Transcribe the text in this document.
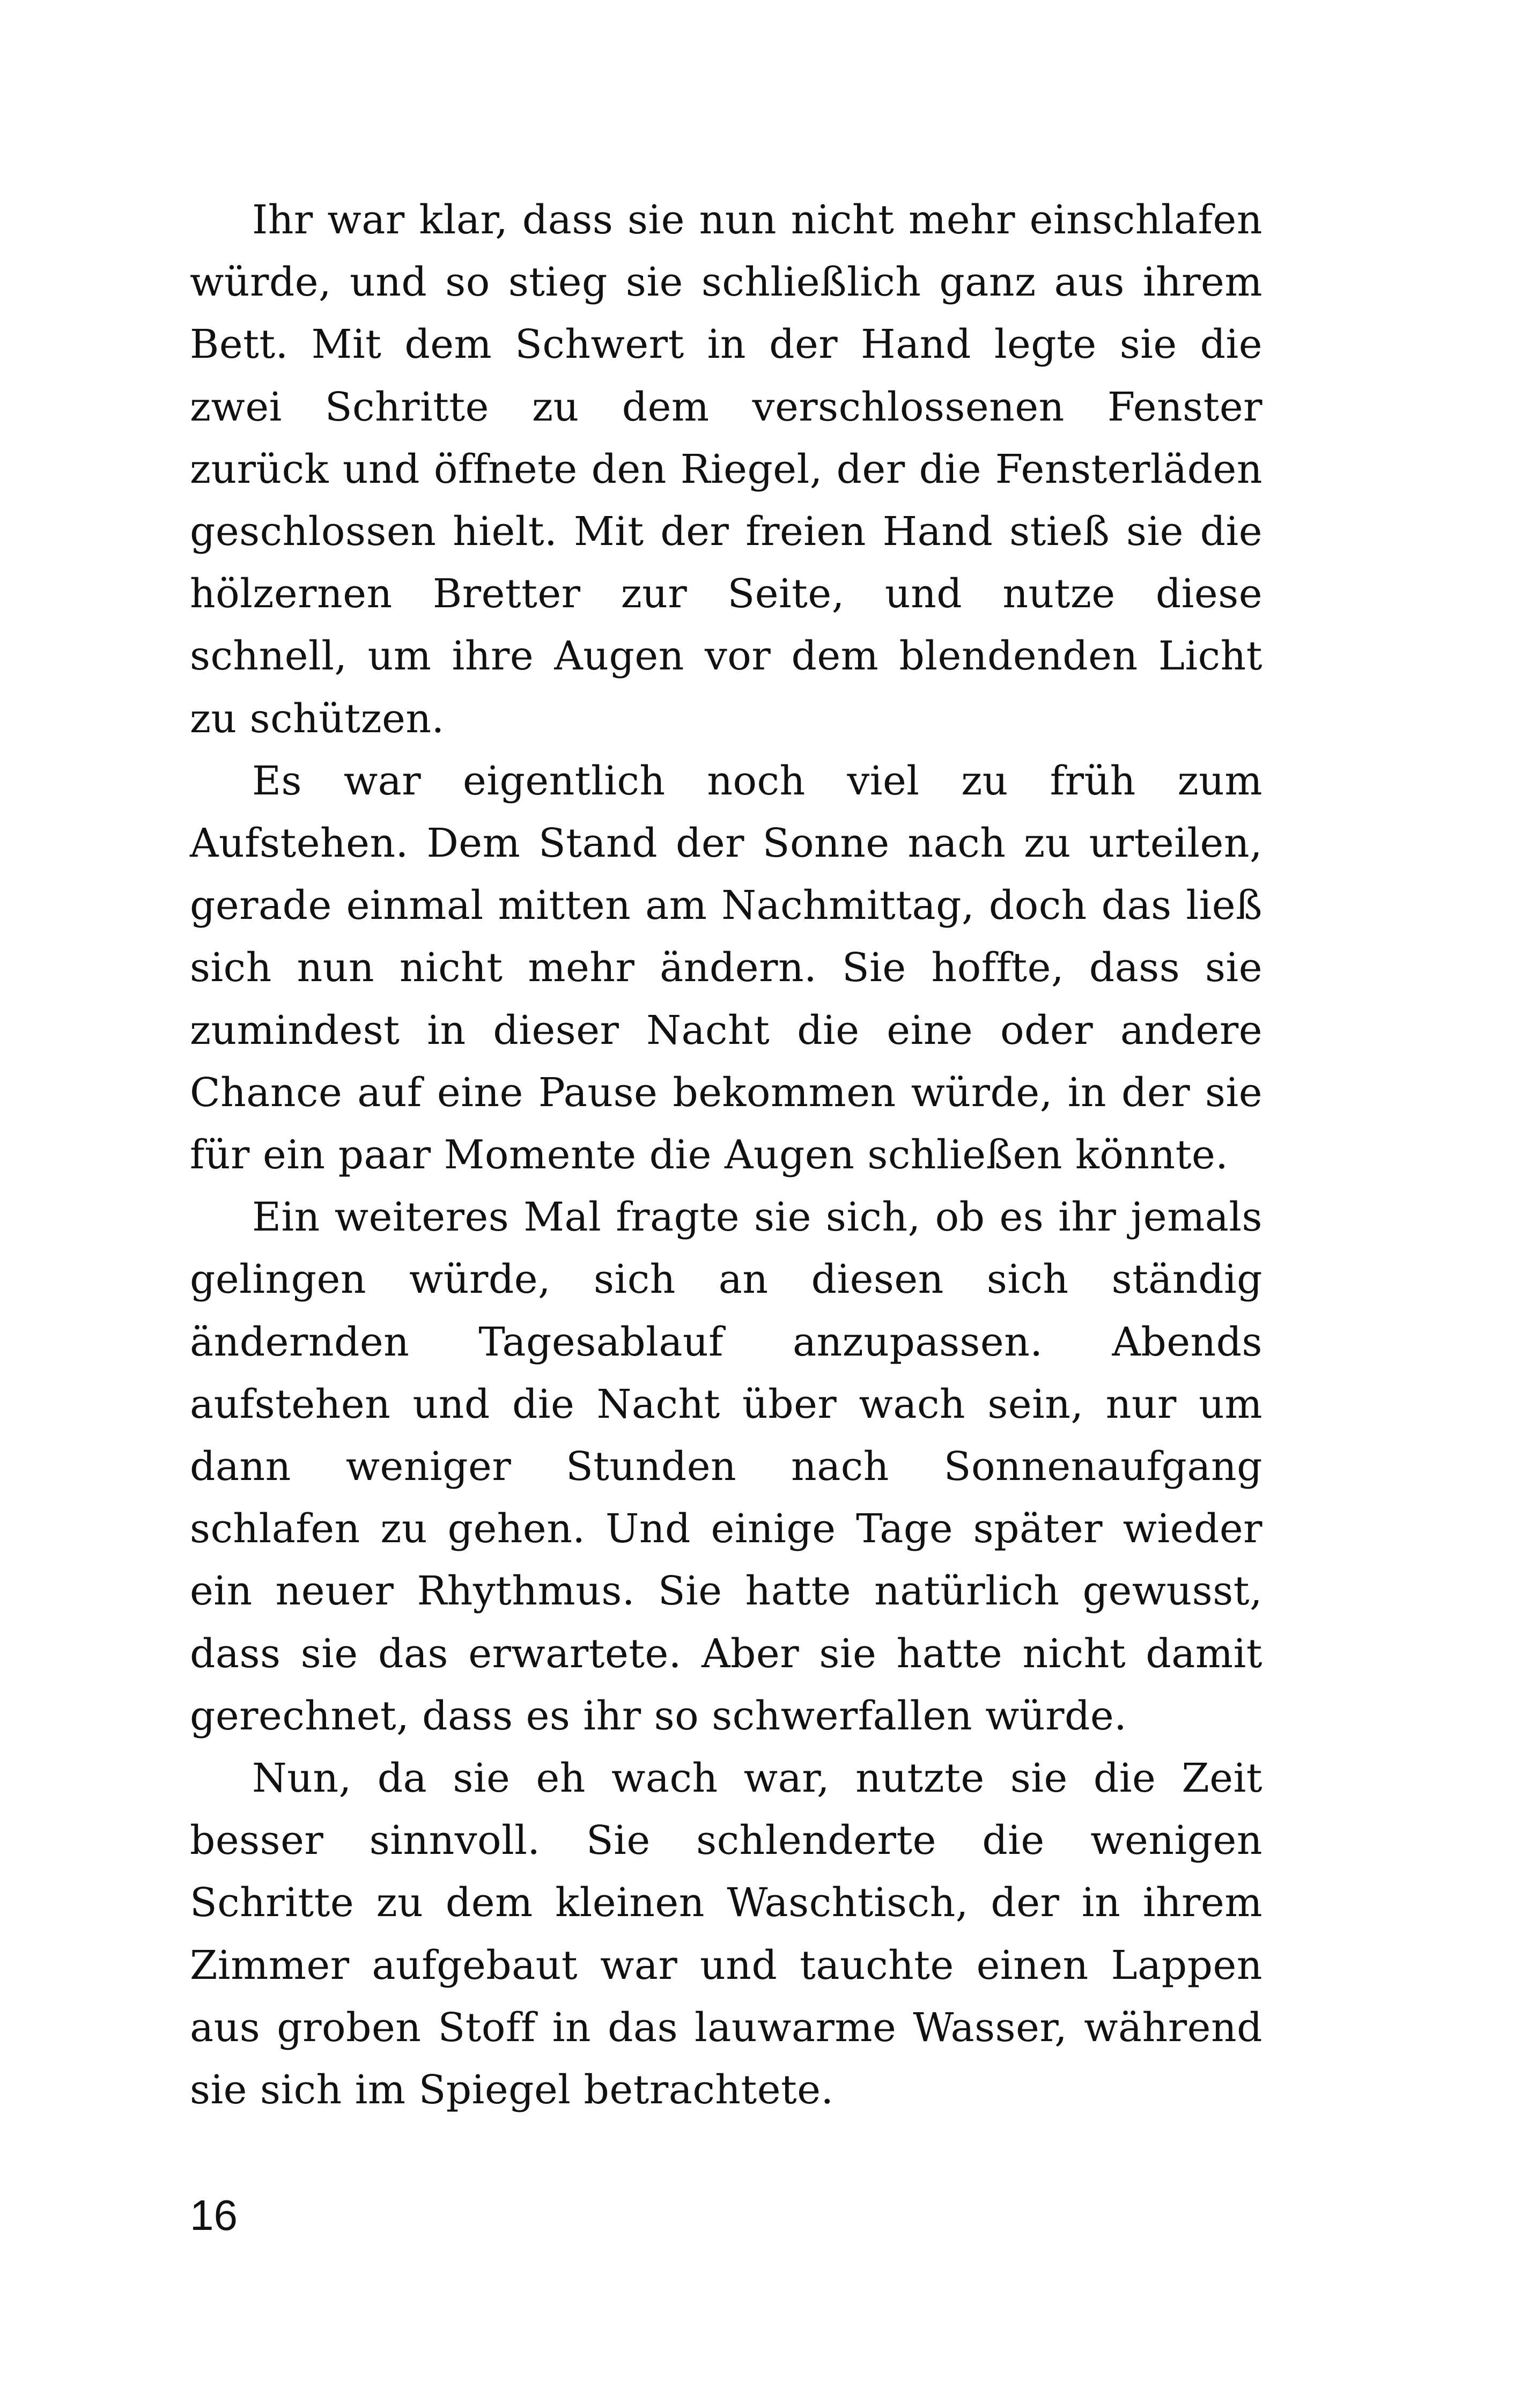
Ihr war klar, dass sie nun nicht mehr einschlafen würde, und so stieg sie schließlich ganz aus ihrem Bett. Mit dem Schwert in der Hand legte sie die zwei Schritte zu dem verschlossenen Fenster zurück und öffnete den Riegel, der die Fensterläden geschlossen hielt. Mit der freien Hand stieß sie die hölzernen Bretter zur Seite, und nutze diese schnell, um ihre Augen vor dem blendenden Licht zu schützen.

Es war eigentlich noch viel zu früh zum Aufstehen. Dem Stand der Sonne nach zu urteilen, gerade einmal mitten am Nachmittag, doch das ließ sich nun nicht mehr ändern. Sie hoffte, dass sie zumindest in dieser Nacht die eine oder andere Chance auf eine Pause bekommen würde, in der sie für ein paar Momente die Augen schließen könnte.

Ein weiteres Mal fragte sie sich, ob es ihr jemals gelingen würde, sich an diesen sich ständig ändernden Tagesablauf anzupassen. Abends aufstehen und die Nacht über wach sein, nur um dann weniger Stunden nach Sonnenaufgang schlafen zu gehen. Und einige Tage später wieder ein neuer Rhythmus. Sie hatte natürlich gewusst, dass sie das erwartete. Aber sie hatte nicht damit gerechnet, dass es ihr so schwerfallen würde.

Nun, da sie eh wach war, nutzte sie die Zeit besser sinnvoll. Sie schlenderte die wenigen Schritte zu dem kleinen Waschtisch, der in ihrem Zimmer aufgebaut war und tauchte einen Lappen aus groben Stoff in das lauwarme Wasser, während sie sich im Spiegel betrachtete.

16
